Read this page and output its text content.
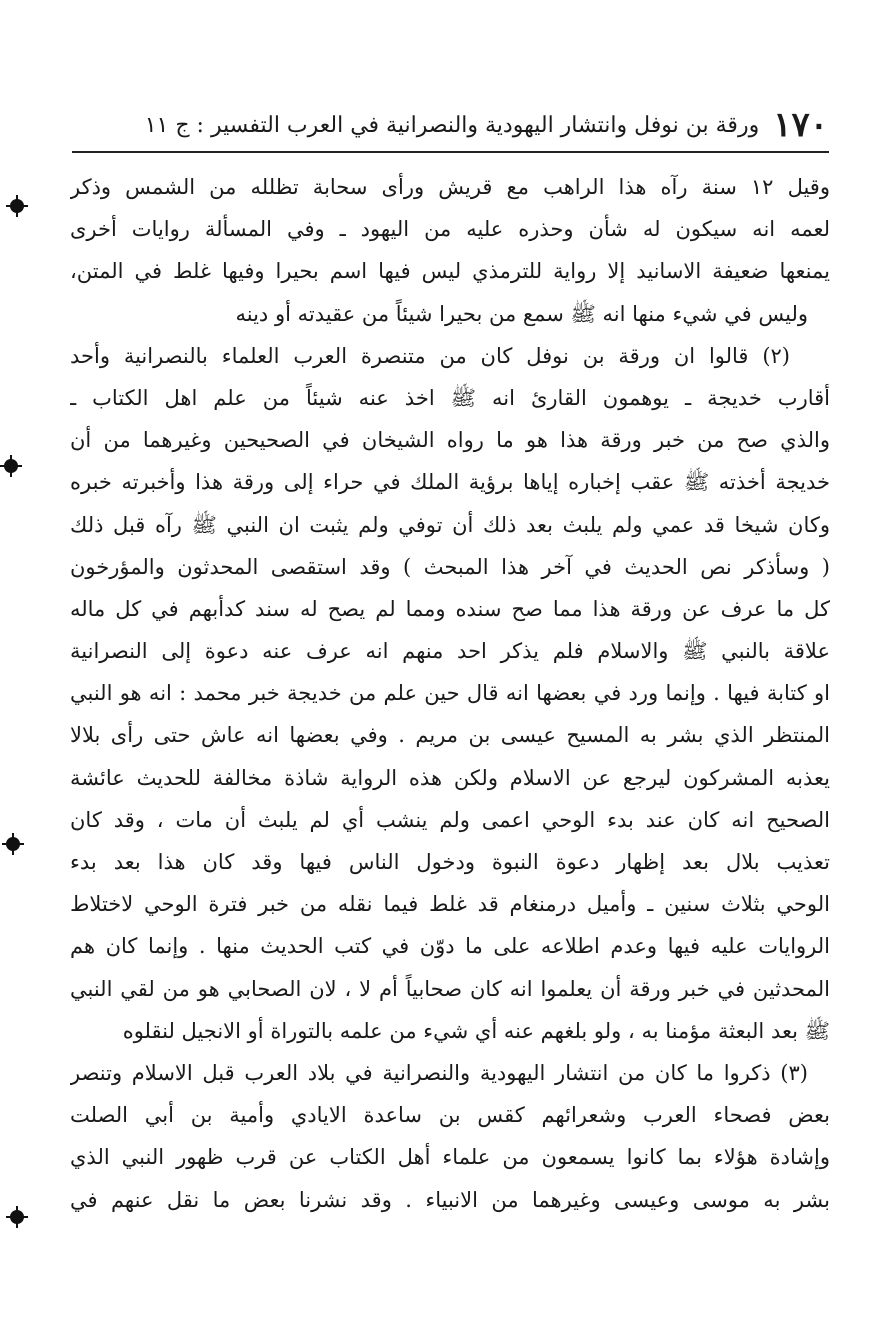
١٧٠
ورقة بن نوفل وانتشار اليهودية والنصرانية في العرب التفسير : ج ١١
وقيل ١٢ سنة رآه هذا الراهب مع قريش ورأى سحابة تظلله من الشمس وذكر
لعمه انه سيكون له شأن وحذره عليه من اليهود ـ وفي المسألة روايات أخرى
يمنعها ضعيفة الاسانيد إلا رواية للترمذي ليس فيها اسم بحيرا وفيها غلط في المتن،
وليس في شيء منها انه ﷺ سمع من بحيرا شيئاً من عقيدته أو دينه
(٢) قالوا ان ورقة بن نوفل كان من متنصرة العرب العلماء بالنصرانية وأحد
أقارب خديجة ـ يوهمون القارئ انه ﷺ اخذ عنه شيئاً من علم اهل الكتاب ـ
والذي صح من خبر ورقة هذا هو ما رواه الشيخان في الصحيحين وغيرهما من أن
خديجة أخذته ﷺ عقب إخباره إياها برؤية الملك في حراء إلى ورقة هذا وأخبرته خبره
وكان شيخا قد عمي ولم يلبث بعد ذلك أن توفي ولم يثبت ان النبي ﷺ رآه قبل ذلك
( وسأذكر نص الحديث في آخر هذا المبحث ) وقد استقصى المحدثون والمؤرخون
كل ما عرف عن ورقة هذا مما صح سنده ومما لم يصح له سند كدأبهم في كل ماله
علاقة بالنبي ﷺ والاسلام فلم يذكر احد منهم انه عرف عنه دعوة إلى النصرانية
او كتابة فيها . وإنما ورد في بعضها انه قال حين علم من خديجة خبر محمد : انه هو النبي
المنتظر الذي بشر به المسيح عيسى بن مريم . وفي بعضها انه عاش حتى رأى بلالا
يعذبه المشركون ليرجع عن الاسلام ولكن هذه الرواية شاذة مخالفة للحديث عائشة
الصحيح انه كان عند بدء الوحي اعمى ولم ينشب أي لم يلبث أن مات ، وقد كان
تعذيب بلال بعد إظهار دعوة النبوة ودخول الناس فيها وقد كان هذا بعد بدء
الوحي بثلاث سنين ـ وأميل درمنغام قد غلط فيما نقله من خبر فترة الوحي لاختلاط
الروايات عليه فيها وعدم اطلاعه على ما دوّن في كتب الحديث منها . وإنما كان هم
المحدثين في خبر ورقة أن يعلموا انه كان صحابياً أم لا ، لان الصحابي هو من لقي النبي
ﷺ بعد البعثة مؤمنا به ، ولو بلغهم عنه أي شيء من علمه بالتوراة أو الانجيل لنقلوه
(٣) ذكروا ما كان من انتشار اليهودية والنصرانية في بلاد العرب قبل الاسلام وتنصر
بعض فصحاء العرب وشعرائهم كقس بن ساعدة الايادي وأمية بن أبي الصلت
وإشادة هؤلاء بما كانوا يسمعون من علماء أهل الكتاب عن قرب ظهور النبي الذي
بشر به موسى وعيسى وغيرهما من الانبياء . وقد نشرنا بعض ما نقل عنهم في
